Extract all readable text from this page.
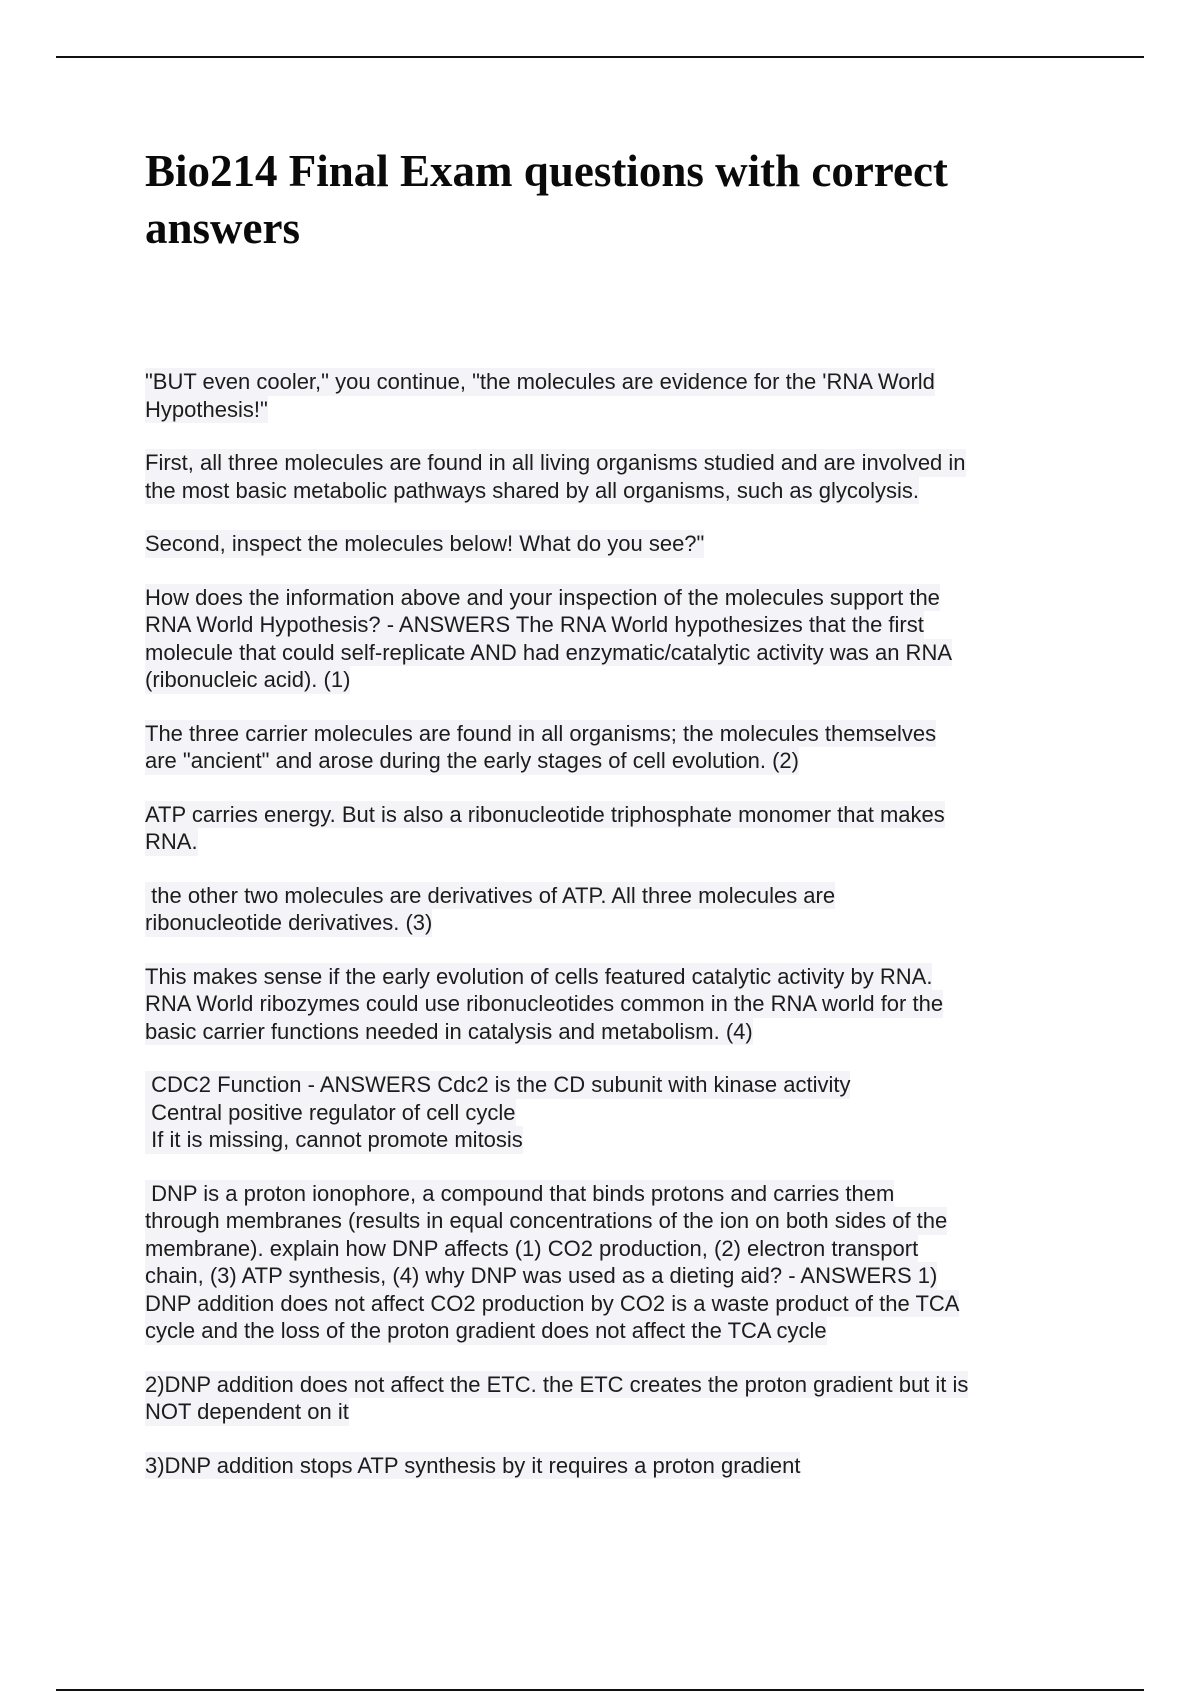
Bio214 Final Exam questions with correct answers

"BUT even cooler," you continue, "the molecules are evidence for the 'RNA World
Hypothesis!"

First, all three molecules are found in all living organisms studied and are involved in
the most basic metabolic pathways shared by all organisms, such as glycolysis.

Second, inspect the molecules below! What do you see?"

How does the information above and your inspection of the molecules support the
RNA World Hypothesis? - ANSWERS The RNA World hypothesizes that the first
molecule that could self-replicate AND had enzymatic/catalytic activity was an RNA
(ribonucleic acid). (1)

The three carrier molecules are found in all organisms; the molecules themselves
are "ancient" and arose during the early stages of cell evolution. (2)

ATP carries energy. But is also a ribonucleotide triphosphate monomer that makes
RNA.

the other two molecules are derivatives of ATP. All three molecules are
ribonucleotide derivatives. (3)

This makes sense if the early evolution of cells featured catalytic activity by RNA.
RNA World ribozymes could use ribonucleotides common in the RNA world for the
basic carrier functions needed in catalysis and metabolism. (4)

CDC2 Function - ANSWERS Cdc2 is the CD subunit with kinase activity
Central positive regulator of cell cycle
If it is missing, cannot promote mitosis

DNP is a proton ionophore, a compound that binds protons and carries them
through membranes (results in equal concentrations of the ion on both sides of the
membrane). explain how DNP affects (1) CO2 production, (2) electron transport
chain, (3) ATP synthesis, (4) why DNP was used as a dieting aid? - ANSWERS 1)
DNP addition does not affect CO2 production by CO2 is a waste product of the TCA
cycle and the loss of the proton gradient does not affect the TCA cycle

2)DNP addition does not affect the ETC. the ETC creates the proton gradient but it is
NOT dependent on it

3)DNP addition stops ATP synthesis by it requires a proton gradient
